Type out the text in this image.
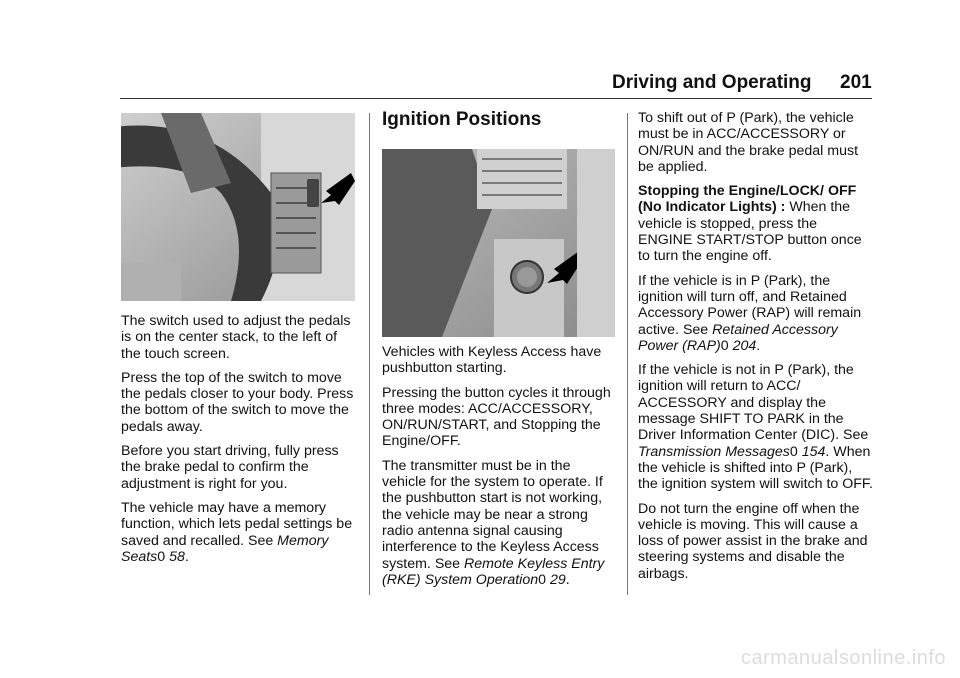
Driving and Operating 201

The switch used to adjust the pedals is on the center stack, to the left of the touch screen.

Press the top of the switch to move the pedals closer to your body. Press the bottom of the switch to move the pedals away.

Before you start driving, fully press the brake pedal to confirm the adjustment is right for you.

The vehicle may have a memory function, which lets pedal settings be saved and recalled. See Memory Seats0 58.

Ignition Positions

Vehicles with Keyless Access have pushbutton starting.

Pressing the button cycles it through three modes: ACC/ACCESSORY, ON/RUN/START, and Stopping the Engine/OFF.

The transmitter must be in the vehicle for the system to operate. If the pushbutton start is not working, the vehicle may be near a strong radio antenna signal causing interference to the Keyless Access system. See Remote Keyless Entry (RKE) System Operation0 29.

To shift out of P (Park), the vehicle must be in ACC/ACCESSORY or ON/RUN and the brake pedal must be applied.

Stopping the Engine/LOCK/ OFF (No Indicator Lights) : When the vehicle is stopped, press the ENGINE START/STOP button once to turn the engine off.

If the vehicle is in P (Park), the ignition will turn off, and Retained Accessory Power (RAP) will remain active. See Retained Accessory Power (RAP)0 204.

If the vehicle is not in P (Park), the ignition will return to ACC/ ACCESSORY and display the message SHIFT TO PARK in the Driver Information Center (DIC). See Transmission Messages0 154. When the vehicle is shifted into P (Park), the ignition system will switch to OFF.

Do not turn the engine off when the vehicle is moving. This will cause a loss of power assist in the brake and steering systems and disable the airbags.

carmanualsonline.info
